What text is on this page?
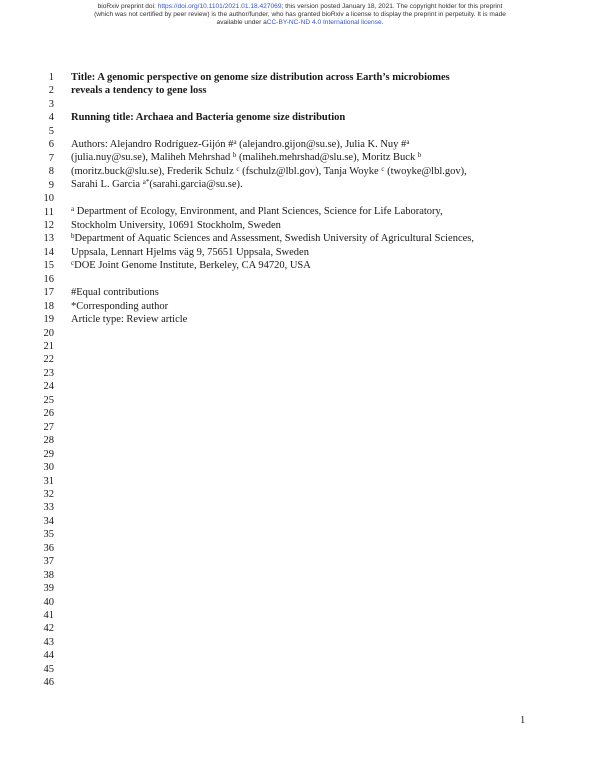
bioRxiv preprint doi: https://doi.org/10.1101/2021.01.18.427069; this version posted January 18, 2021. The copyright holder for this preprint
(which was not certified by peer review) is the author/funder, who has granted bioRxiv a license to display the preprint in perpetuity. It is made
available under aCC-BY-NC-ND 4.0 International license.
1
2
3
4
5
6
7
8
9
10
11
12
13
14
15
16
17
18
19
20
21
22
23
24
25
26
27
28
29
30
31
32
33
34
35
36
37
38
39
40
41
42
43
44
45
46
Title: A genomic perspective on genome size distribution across Earth’s microbiomes
reveals a tendency to gene loss
Running title: Archaea and Bacteria genome size distribution
Authors: Alejandro Rodríguez-Gijón #$^a$ (alejandro.gijon@su.se), Julia K. Nuy #$^a$
(julia.nuy@su.se), Maliheh Mehrshad $^b$ (maliheh.mehrshad@slu.se), Moritz Buck $^b$
(moritz.buck@slu.se), Frederik Schulz $^c$ (fschulz@lbl.gov), Tanja Woyke $^c$ (twoyke@lbl.gov),
Sarahi L. Garcia $^{a*}$(sarahi.garcia@su.se).
$^a$ Department of Ecology, Environment, and Plant Sciences, Science for Life Laboratory,
Stockholm University, 10691 Stockholm, Sweden
$^b$Department of Aquatic Sciences and Assessment, Swedish University of Agricultural Sciences,
Uppsala, Lennart Hjelms väg 9, 75651 Uppsala, Sweden
$^c$DOE Joint Genome Institute, Berkeley, CA 94720, USA
#Equal contributions
*Corresponding author
Article type: Review article
1
